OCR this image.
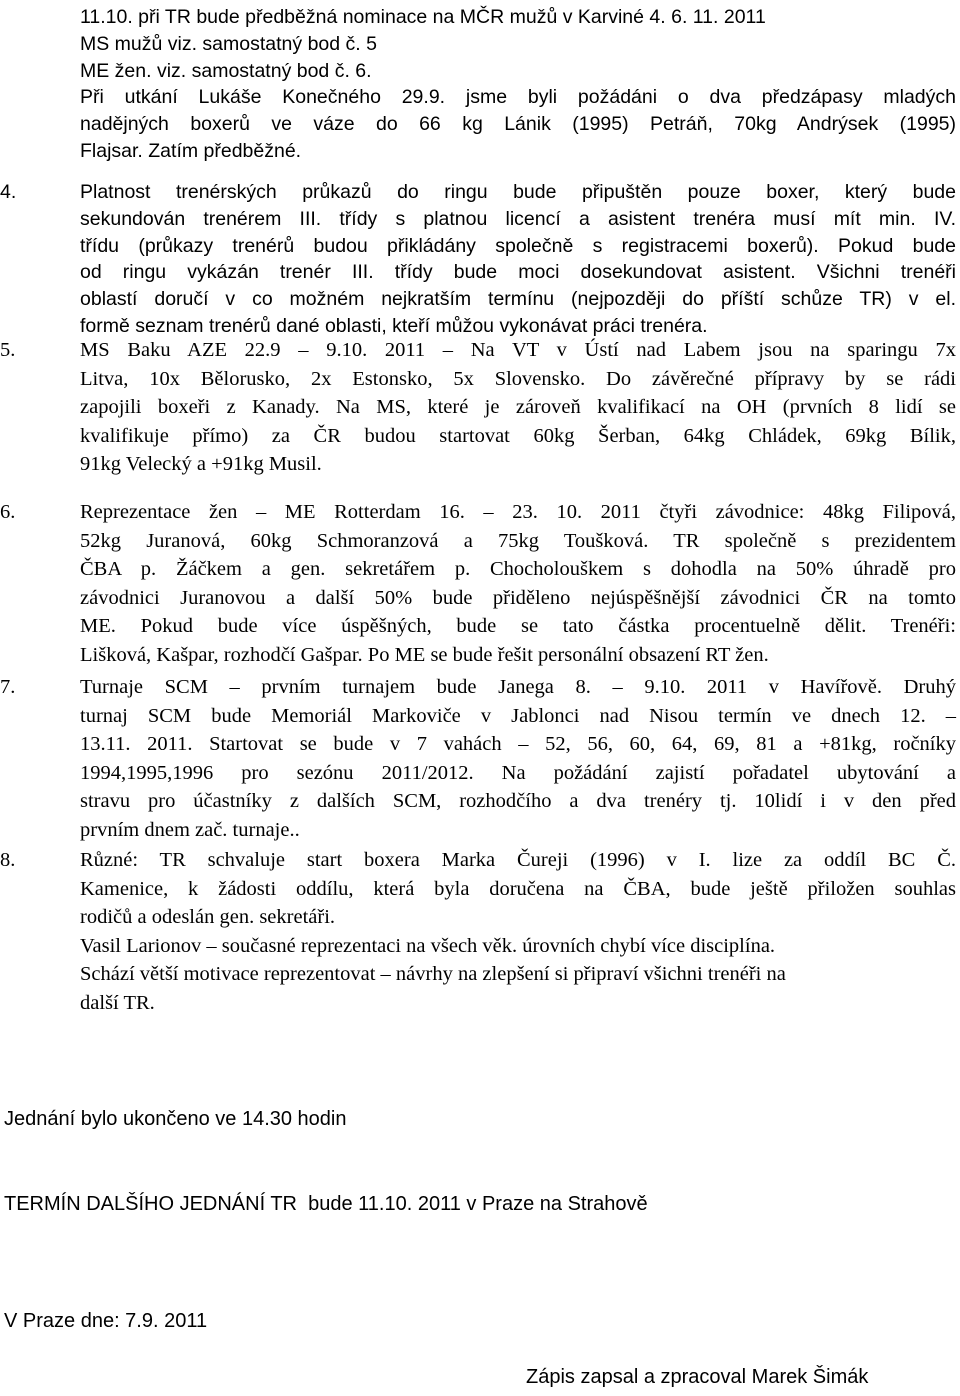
11.10. při TR bude předběžná nominace na MČR mužů v Karviné 4. 6. 11. 2011
MS mužů viz. samostatný bod č. 5
ME žen. viz. samostatný bod č. 6.
Při utkání Lukáše Konečného 29.9. jsme byli požádáni o dva předzápasy mladých
nadějných boxerů ve váze do 66 kg Lánik (1995) Petráň, 70kg Andrýsek (1995)
Flajsar. Zatím předběžné.
4.	Platnost trenérských průkazů do ringu bude připuštěn pouze boxer, který bude
sekundován trenérem III. třídy s platnou licencí a asistent trenéra musí mít min. IV.
třídu (průkazy trenérů budou přikládány společně s registracemi boxerů). Pokud bude
od ringu vykázán trenér III. třídy bude moci dosekundovat asistent. Všichni trenéři
oblastí doručí v co možném nejkratším termínu (nejpozději do příští schůze TR) v el.
formě seznam trenérů dané oblasti, kteří můžou vykonávat práci trenéra.
5.	MS Baku AZE 22.9 – 9.10. 2011 – Na VT v Ústí nad Labem jsou na sparingu 7x
Litva, 10x Bělorusko, 2x Estonsko, 5x Slovensko. Do závěrečné přípravy by se rádi
zapojili boxeři z Kanady. Na MS, které je zároveň kvalifikací na OH (prvních 8 lidí se
kvalifikuje přímo) za ČR budou startovat 60kg Šerban, 64kg Chládek, 69kg Bílik,
91kg Velecký a +91kg Musil.
6.	Reprezentace žen – ME Rotterdam 16. – 23. 10. 2011 čtyři závodnice: 48kg Filipová,
52kg Juranová, 60kg Schmoranzová a 75kg Toušková. TR společně s prezidentem
ČBA p. Žáčkem a gen. sekretářem p. Chocholouškem s dohodla na 50% úhradě pro
závodnici Juranovou a další 50% bude přiděleno nejúspěšnější závodnici ČR na tomto
ME. Pokud bude více úspěšných, bude se tato částka procentuelně dělit. Trenéři:
Lišková, Kašpar, rozhodčí Gašpar. Po ME se bude řešit personální obsazení RT žen.
7.	Turnaje SCM – prvním turnajem bude Janega 8. – 9.10. 2011 v Havířově. Druhý
turnaj SCM bude Memoriál Markoviče v Jablonci nad Nisou termín ve dnech 12. –
13.11. 2011. Startovat se bude v 7 vahách – 52, 56, 60, 64, 69, 81 a +81kg, ročníky
1994,1995,1996 pro sezónu 2011/2012. Na požádání zajistí pořadatel ubytování a
stravu pro účastníky z dalších SCM, rozhodčího a dva trenéry tj. 10lidí i v den před
prvním dnem zač. turnaje..
8.	Různé: TR schvaluje start boxera Marka Čureji (1996) v I. lize za oddíl BC Č.
Kamenice, k žádosti oddílu, která byla doručena na ČBA, bude ještě přiložen souhlas
rodičů a odeslán gen. sekretáři.
Vasil Larionov – současné reprezentaci na všech věk. úrovních chybí více disciplína.
Schází větší motivace reprezentovat – návrhy na zlepšení si připraví všichni trenéři na
další TR.
Jednání bylo ukončeno ve 14.30 hodin
TERMÍN DALŠÍHO JEDNÁNÍ TR  bude 11.10. 2011 v Praze na Strahově
V Praze dne: 7.9. 2011
Zápis zapsal a zpracoval Marek Šimák
